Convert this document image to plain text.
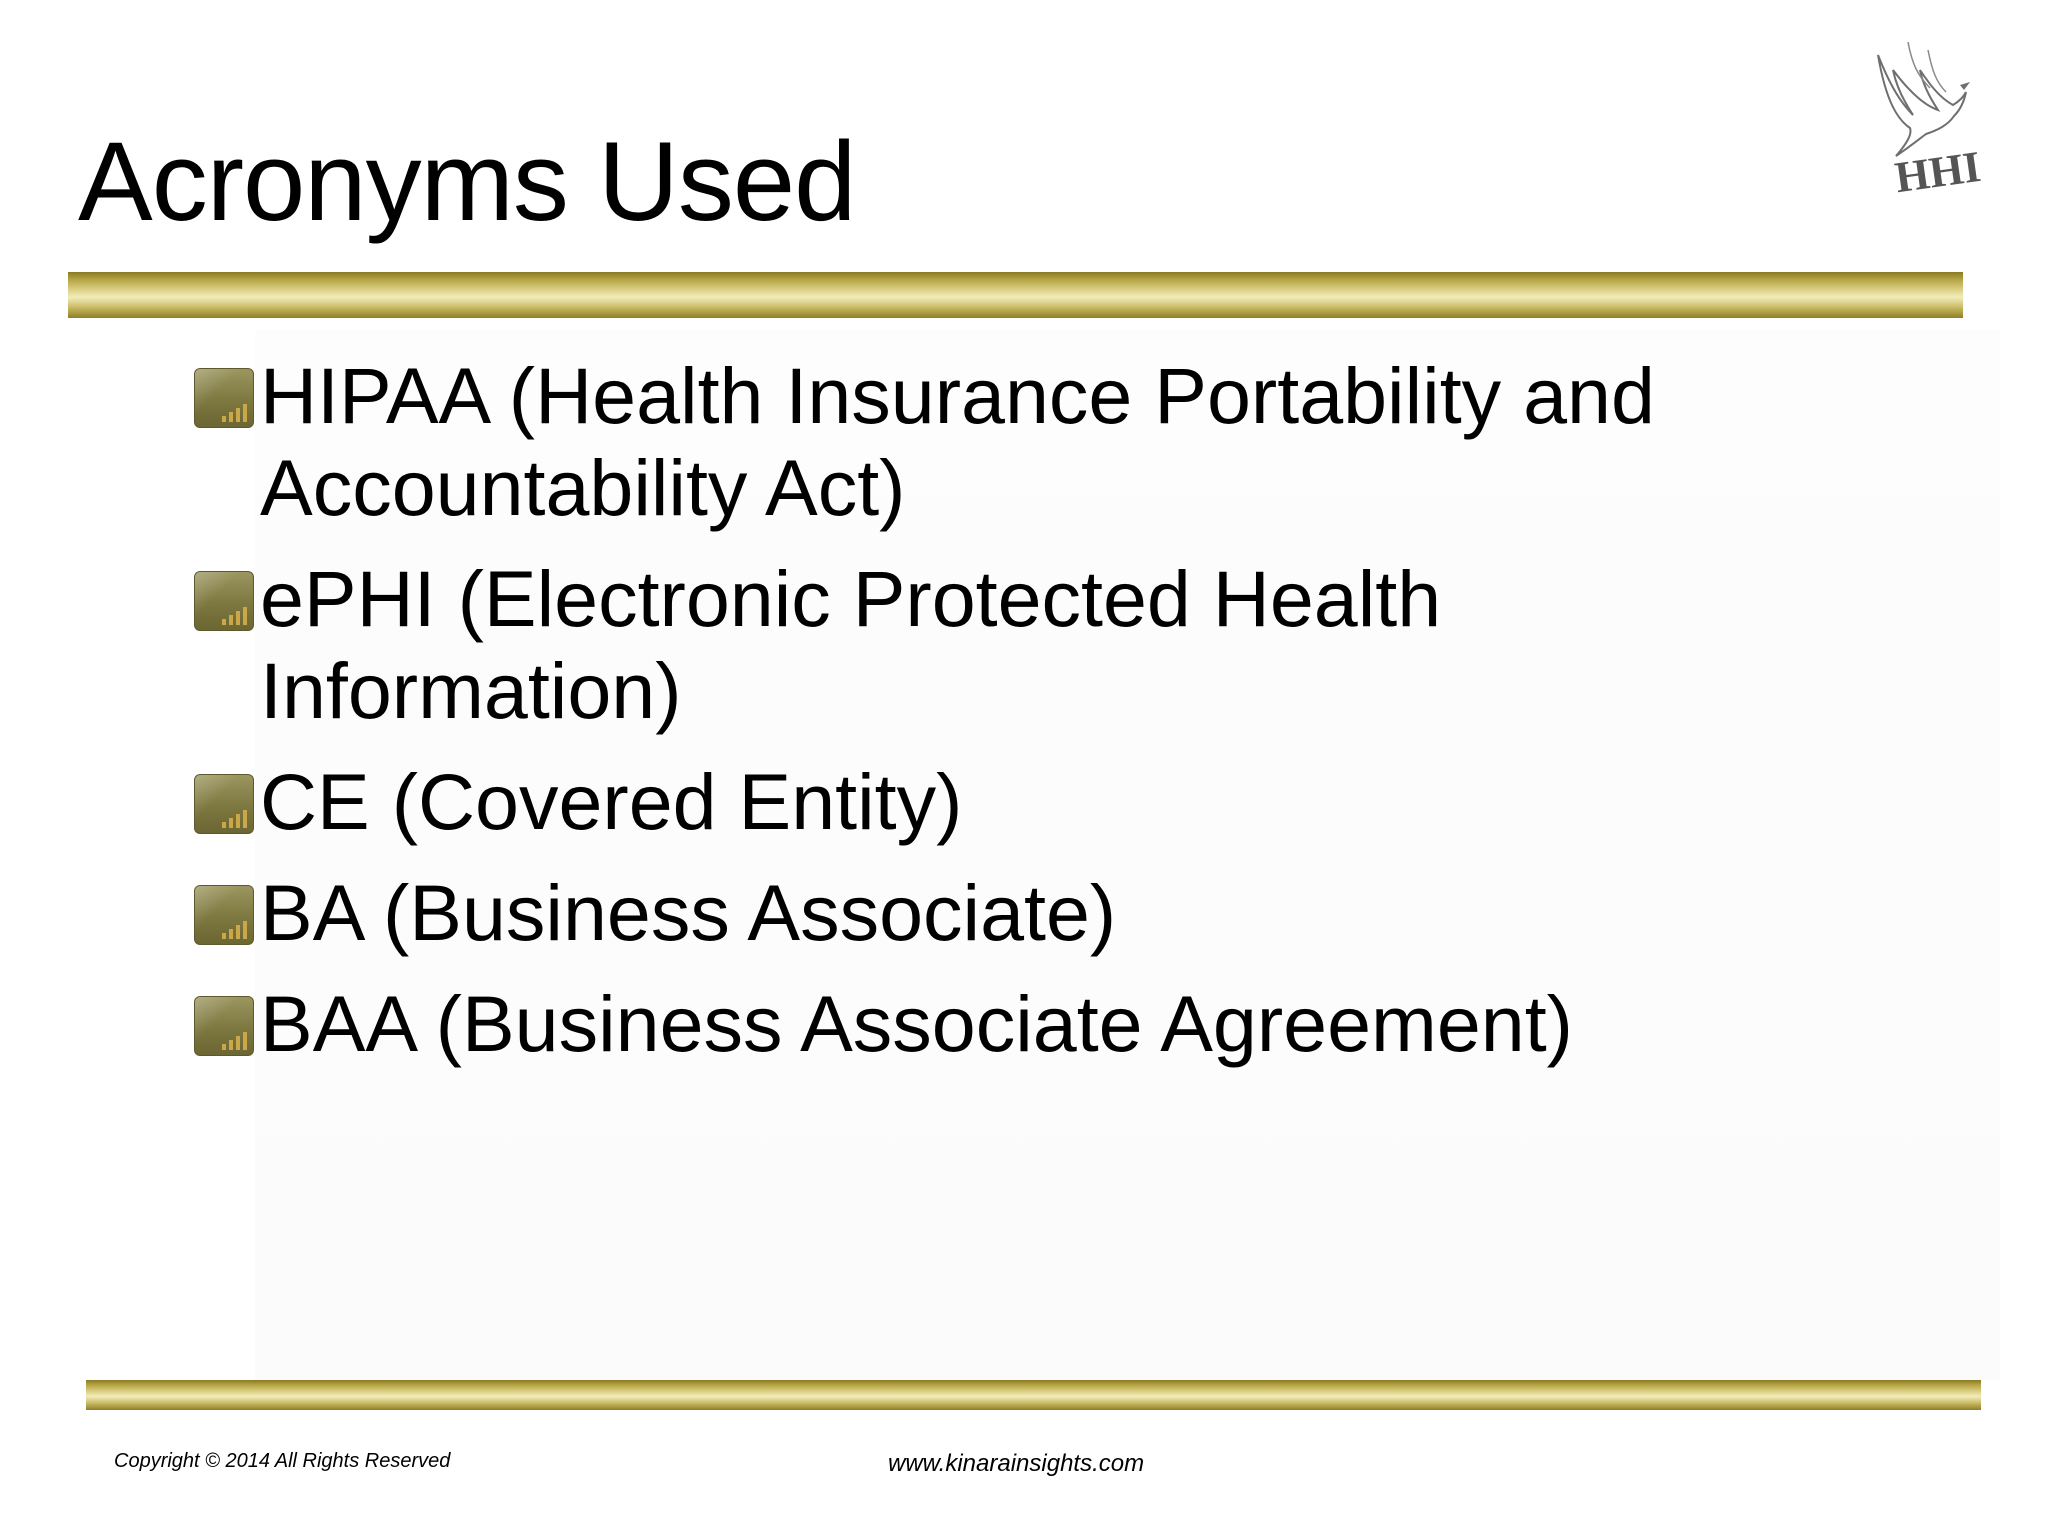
Acronyms Used	HHI
HIPAA (Health Insurance Portability and
Accountability Act)
ePHI (Electronic Protected Health
Information)
CE (Covered Entity)
BA (Business Associate)
BAA (Business Associate Agreement)
Copyright © 2014 All Rights Reserved	www.kinarainsights.com
